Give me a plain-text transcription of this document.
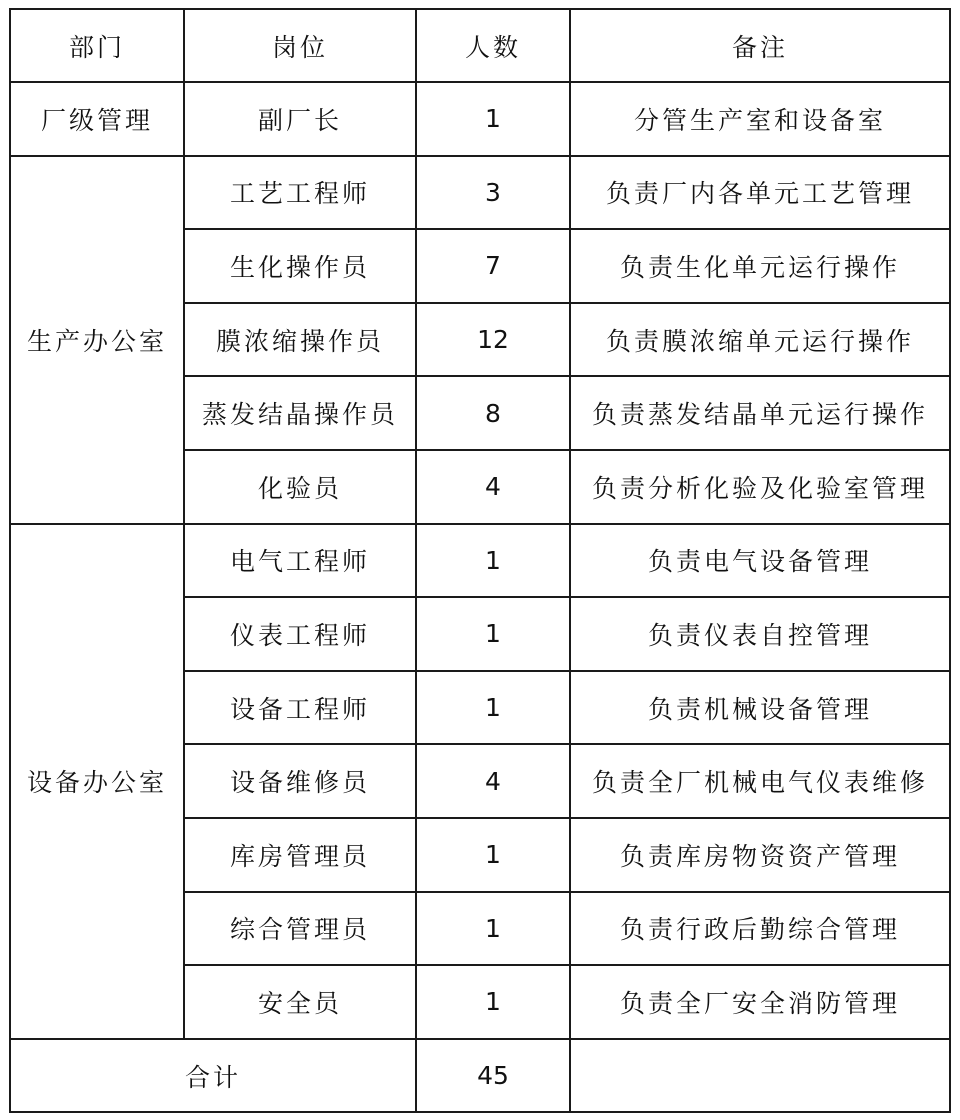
部门	岗位	人数	备注
厂级管理	副厂长	1	分管生产室和设备室
生产办公室	工艺工程师	3	负责厂内各单元工艺管理
	生化操作员	7	负责生化单元运行操作
	膜浓缩操作员	12	负责膜浓缩单元运行操作
	蒸发结晶操作员	8	负责蒸发结晶单元运行操作
	化验员	4	负责分析化验及化验室管理
设备办公室	电气工程师	1	负责电气设备管理
	仪表工程师	1	负责仪表自控管理
	设备工程师	1	负责机械设备管理
	设备维修员	4	负责全厂机械电气仪表维修
	库房管理员	1	负责库房物资资产管理
	综合管理员	1	负责行政后勤综合管理
	安全员	1	负责全厂安全消防管理
合计		45	
